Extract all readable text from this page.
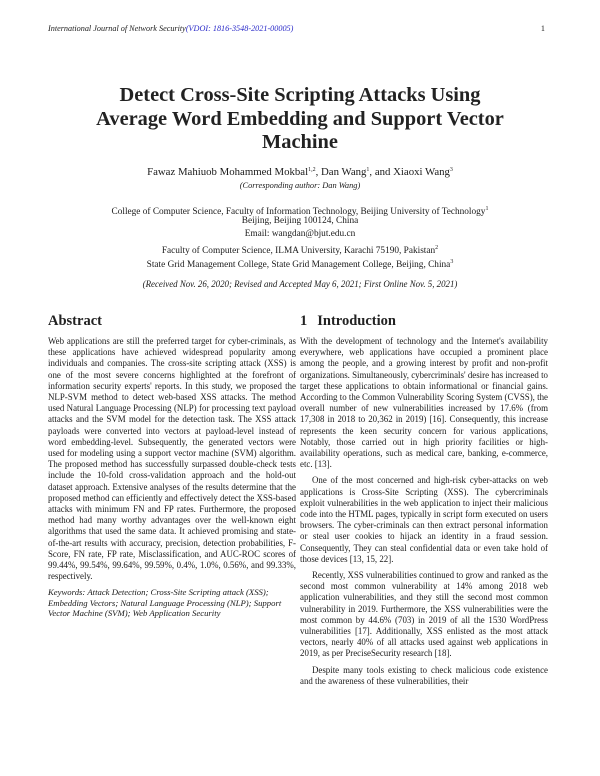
International Journal of Network Security(VDOI: 1816-3548-2021-00005)	1
Detect Cross-Site Scripting Attacks Using
Average Word Embedding and Support Vector
Machine
Fawaz Mahiuob Mohammed Mokbal$^{1,2}$, Dan Wang$^1$, and Xiaoxi Wang$^3$
(Corresponding author: Dan Wang)
College of Computer Science, Faculty of Information Technology, Beijing University of Technology$^1$
Beijing, Beijing 100124, China
Email: wangdan@bjut.edu.cn
Faculty of Computer Science, ILMA University, Karachi 75190, Pakistan$^2$
State Grid Management College, State Grid Management College, Beijing, China$^3$
(Received Nov. 26, 2020; Revised and Accepted May 6, 2021; First Online Nov. 5, 2021)
Abstract

Web applications are still the preferred target for cyber-criminals, as these applications have achieved widespread popularity among individuals and companies. The cross-site scripting attack (XSS) is one of the most severe concerns highlighted at the forefront of information security experts' reports. In this study, we proposed the NLP-SVM method to detect web-based XSS attacks. The method used Natural Language Processing (NLP) for processing text payload attacks and the SVM model for the detection task. The XSS attack payloads were converted into vectors at payload-level instead of word embedding-level. Subsequently, the generated vectors were used for modeling using a support vector machine (SVM) algorithm. The proposed method has successfully surpassed double-check tests include the 10-fold cross-validation approach and the hold-out dataset approach. Extensive analyses of the results determine that the proposed method can efficiently and effectively detect the XSS-based attacks with minimum FN and FP rates. Furthermore, the proposed method had many worthy advantages over the well-known eight algorithms that used the same data. It achieved promising and state-of-the-art results with accuracy, precision, detection probabilities, F-Score, FN rate, FP rate, Misclassification, and AUC-ROC scores of 99.44%, 99.54%, 99.64%, 99.59%, 0.4%, 1.0%, 0.56%, and 99.33%, respectively.

Keywords: Attack Detection; Cross-Site Scripting attack (XSS); Embedding Vectors; Natural Language Processing (NLP); Support Vector Machine (SVM); Web Application Security
1 Introduction

With the development of technology and the Internet's availability everywhere, web applications have occupied a prominent place among the people, and a growing interest by profit and non-profit organizations. Simultaneously, cybercriminals' desire has increased to target these applications to obtain informational or financial gains. According to the Common Vulnerability Scoring System (CVSS), the overall number of new vulnerabilities increased by 17.6% (from 17,308 in 2018 to 20,362 in 2019) [16]. Consequently, this increase represents the keen security concern for various applications, Notably, those carried out in high priority facilities or high-availability operations, such as medical care, banking, e-commerce, etc. [13].

One of the most concerned and high-risk cyber-attacks on web applications is Cross-Site Scripting (XSS). The cybercriminals exploit vulnerabilities in the web application to inject their malicious code into the HTML pages, typically in script form executed on users browsers. The cyber-criminals can then extract personal information or steal user cookies to hijack an identity in a fraud session. Consequently, They can steal confidential data or even take hold of those devices [13, 15, 22].

Recently, XSS vulnerabilities continued to grow and ranked as the second most common vulnerability at 14% among 2018 web application vulnerabilities, and they still the second most common vulnerability in 2019. Furthermore, the XSS vulnerabilities were the most common by 44.6% (703) in 2019 of all the 1530 WordPress vulnerabilities [17]. Additionally, XSS enlisted as the most attack vectors, nearly 40% of all attacks used against web applications in 2019, as per PreciseSecurity research [18].

Despite many tools existing to check malicious code existence and the awareness of these vulnerabilities, their
